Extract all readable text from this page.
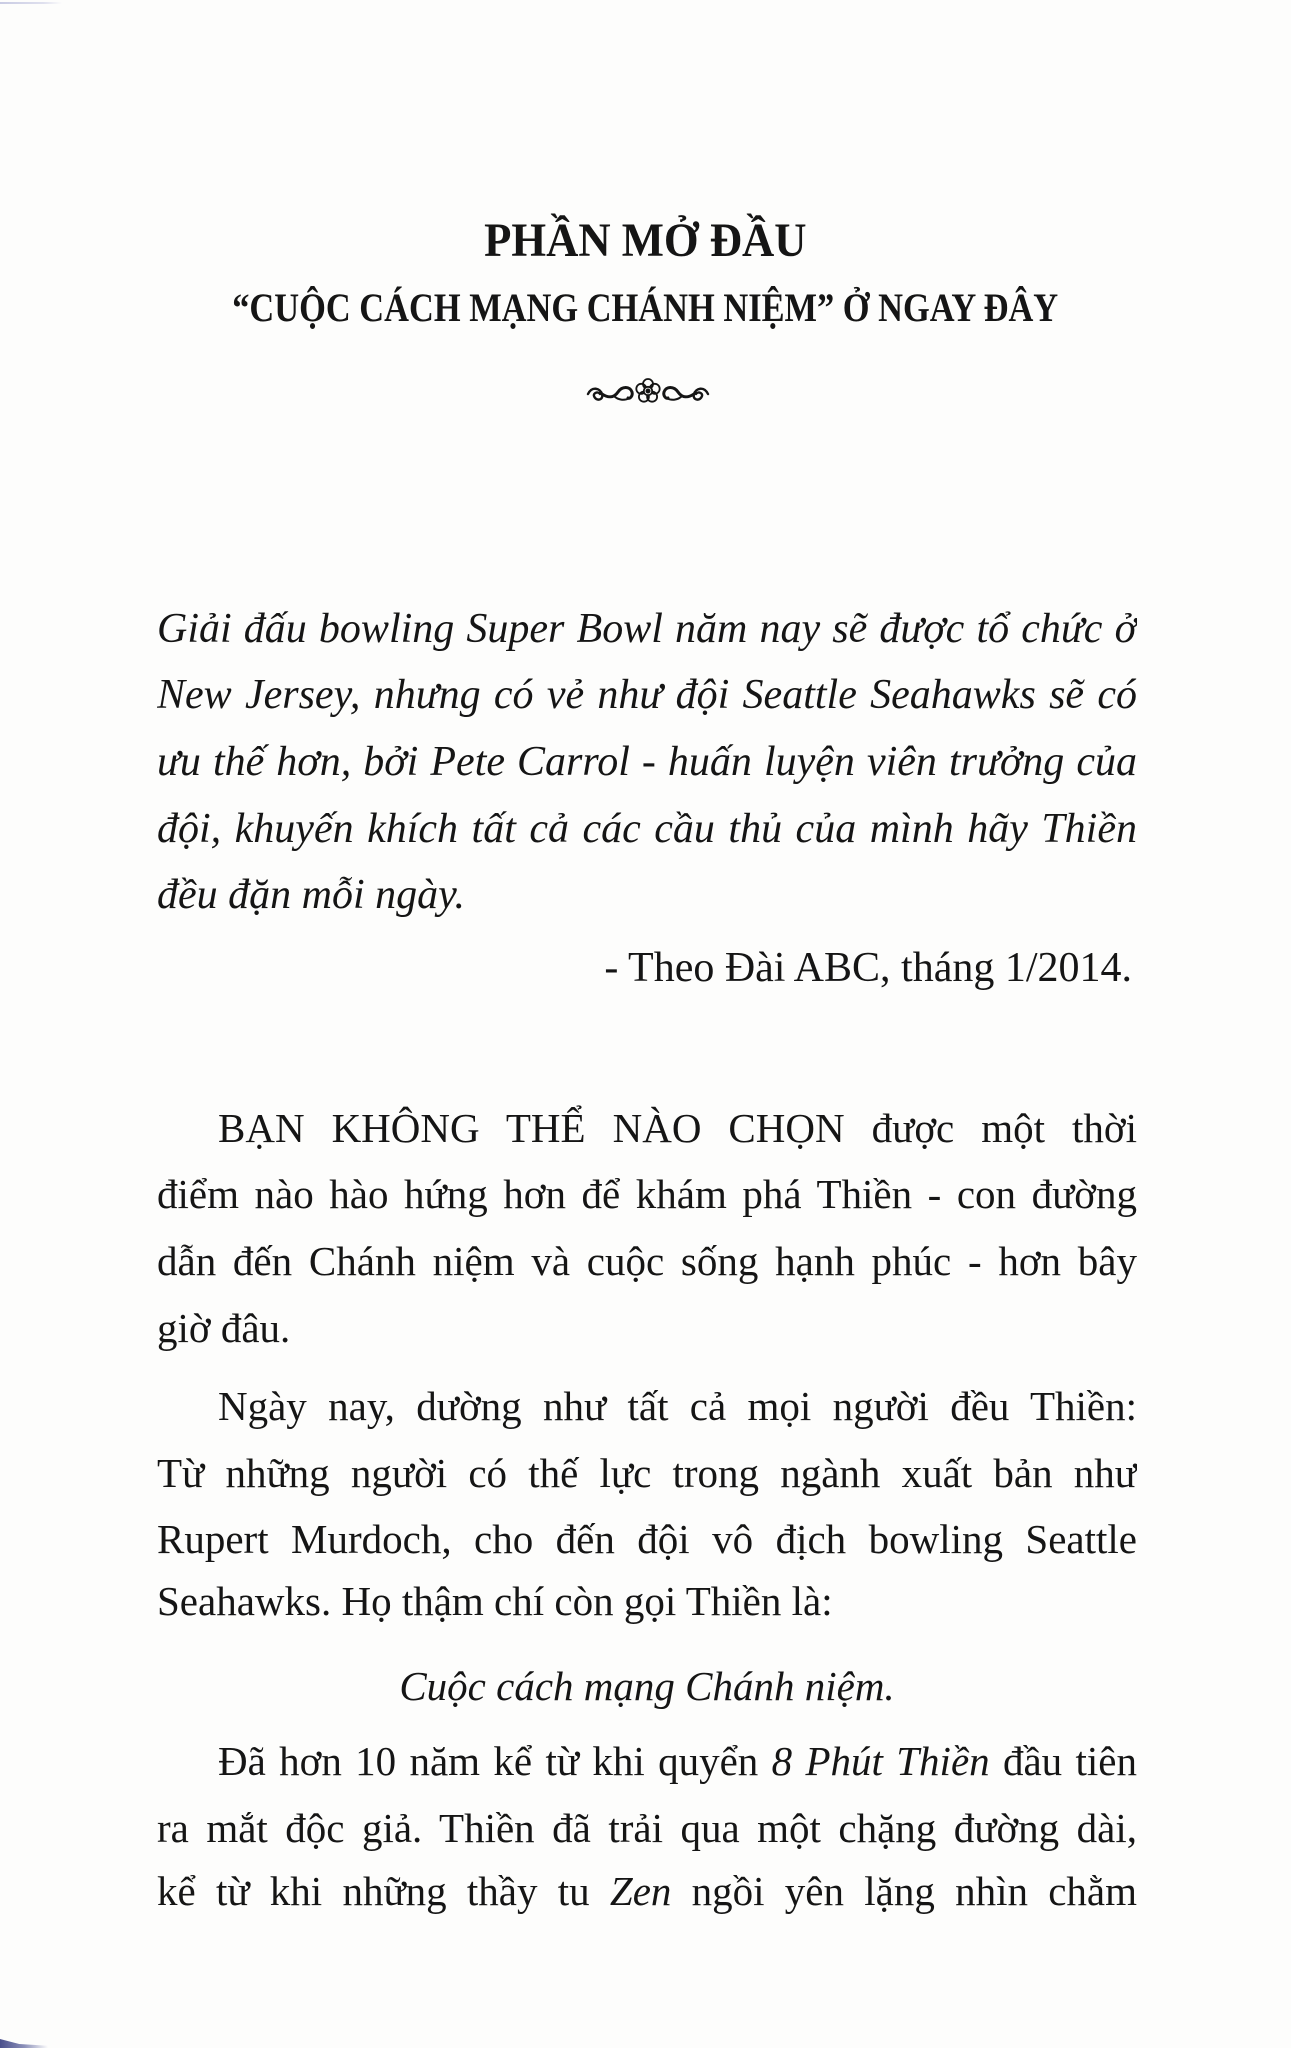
PHẦN MỞ ĐẦU
“CUỘC CÁCH MẠNG CHÁNH NIỆM” Ở NGAY ĐÂY
Giải đấu bowling Super Bowl năm nay sẽ được tổ chức ở
New Jersey, nhưng có vẻ như đội Seattle Seahawks sẽ có
ưu thế hơn, bởi Pete Carrol - huấn luyện viên trưởng của
đội, khuyến khích tất cả các cầu thủ của mình hãy Thiền
đều đặn mỗi ngày.
- Theo Đài ABC, tháng 1/2014.
BẠN KHÔNG THỂ NÀO CHỌN được một thời
điểm nào hào hứng hơn để khám phá Thiền - con đường
dẫn đến Chánh niệm và cuộc sống hạnh phúc - hơn bây
giờ đâu.
Ngày nay, dường như tất cả mọi người đều Thiền:
Từ những người có thế lực trong ngành xuất bản như
Rupert Murdoch, cho đến đội vô địch bowling Seattle
Seahawks. Họ thậm chí còn gọi Thiền là:
Cuộc cách mạng Chánh niệm.
Đã hơn 10 năm kể từ khi quyển 8 Phút Thiền đầu tiên
ra mắt độc giả. Thiền đã trải qua một chặng đường dài,
kể từ khi những thầy tu Zen ngồi yên lặng nhìn chằm
